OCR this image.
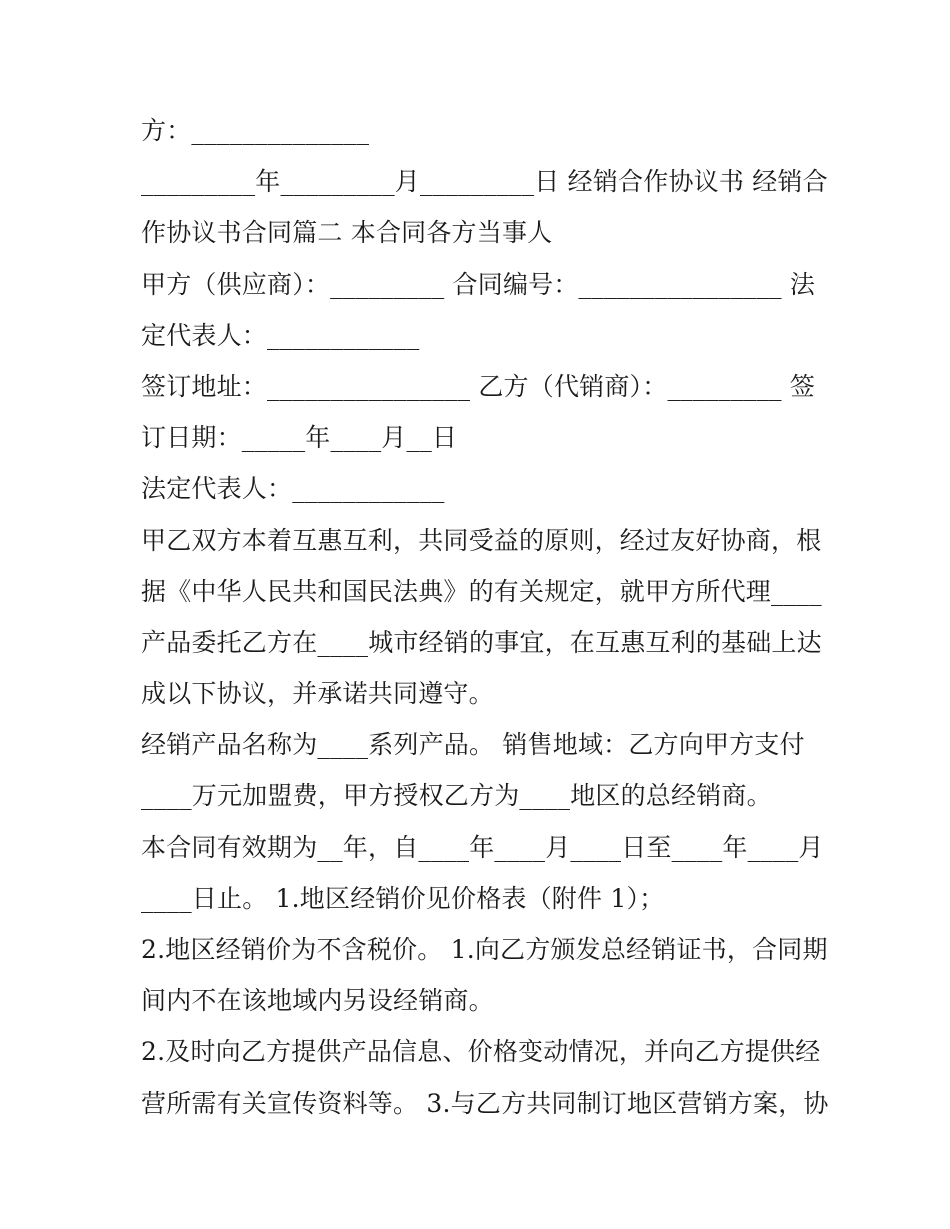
方：______________
_________年_________月_________日 经销合作协议书 经销合
作协议书合同篇二 本合同各方当事人
甲方（供应商）：_________ 合同编号：________________ 法
定代表人：____________
签订地址：________________ 乙方（代销商）：_________ 签
订日期：_____年____月__日
法定代表人：____________
甲乙双方本着互惠互利，共同受益的原则，经过友好协商，根
据《中华人民共和国民法典》的有关规定，就甲方所代理____
产品委托乙方在____城市经销的事宜，在互惠互利的基础上达
成以下协议，并承诺共同遵守。
经销产品名称为____系列产品。 销售地域：乙方向甲方支付
____万元加盟费，甲方授权乙方为____地区的总经销商。
本合同有效期为__年，自____年____月____日至____年____月
____日止。 1.地区经销价见价格表（附件 1）；
2.地区经销价为不含税价。 1.向乙方颁发总经销证书，合同期
间内不在该地域内另设经销商。
2.及时向乙方提供产品信息、价格变动情况，并向乙方提供经
营所需有关宣传资料等。 3.与乙方共同制订地区营销方案，协
